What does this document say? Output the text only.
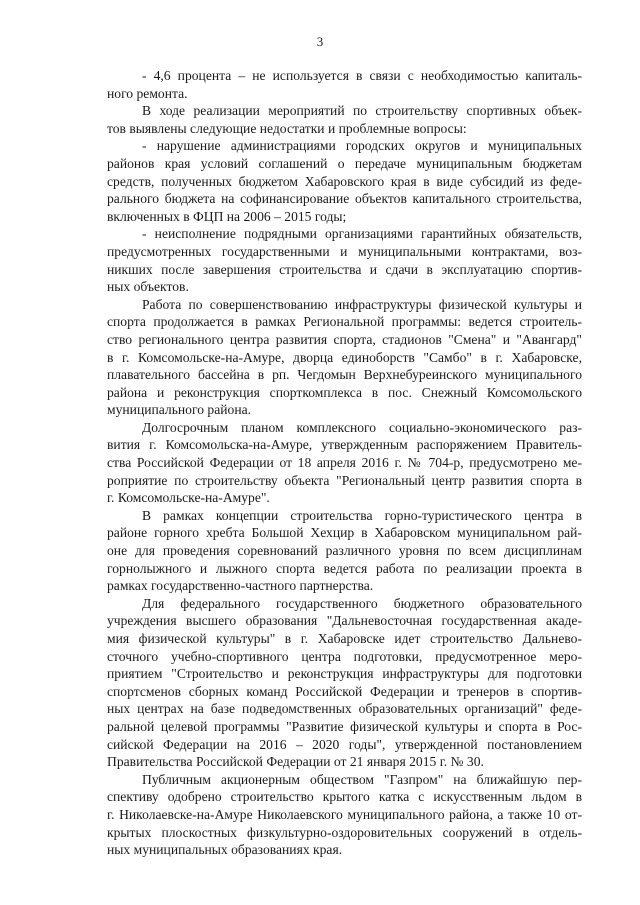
3
- 4,6 процента – не используется в связи с необходимостью капиталь-
ного ремонта.
В ходе реализации мероприятий по строительству спортивных объек-
тов выявлены следующие недостатки и проблемные вопросы:
- нарушение администрациями городских округов и муниципальных
районов края условий соглашений о передаче муниципальным бюджетам
средств, полученных бюджетом Хабаровского края в виде субсидий из феде-
рального бюджета на софинансирование объектов капитального строительства,
включенных в ФЦП на 2006 – 2015 годы;
- неисполнение подрядными организациями гарантийных обязательств,
предусмотренных государственными и муниципальными контрактами, воз-
никших после завершения строительства и сдачи в эксплуатацию спортив-
ных объектов.
Работа по совершенствованию инфраструктуры физической культуры и
спорта продолжается в рамках Региональной программы: ведется строитель-
ство регионального центра развития спорта, стадионов "Смена" и "Авангард"
в г. Комсомольске-на-Амуре, дворца единоборств "Самбо" в г. Хабаровске,
плавательного бассейна в рп. Чегдомын Верхнебуреинского муниципального
района и реконструкция спорткомплекса в пос. Снежный Комсомольского
муниципального района.
Долгосрочным планом комплексного социально-экономического раз-
вития г. Комсомольска-на-Амуре, утвержденным распоряжением Правитель-
ства Российской Федерации от 18 апреля 2016 г. № 704-р, предусмотрено ме-
роприятие по строительству объекта "Региональный центр развития спорта в
г. Комсомольске-на-Амуре".
В рамках концепции строительства горно-туристического центра в
районе горного хребта Большой Хехцир в Хабаровском муниципальном рай-
оне для проведения соревнований различного уровня по всем дисциплинам
горнолыжного и лыжного спорта ведется работа по реализации проекта в
рамках государственно-частного партнерства.
Для федерального государственного бюджетного образовательного
учреждения высшего образования "Дальневосточная государственная акаде-
мия физической культуры" в г. Хабаровске идет строительство Дальнево-
сточного учебно-спортивного центра подготовки, предусмотренное меро-
приятием "Строительство и реконструкция инфраструктуры для подготовки
спортсменов сборных команд Российской Федерации и тренеров в спортив-
ных центрах на базе подведомственных образовательных организаций" феде-
ральной целевой программы "Развитие физической культуры и спорта в Рос-
сийской Федерации на 2016 – 2020 годы", утвержденной постановлением
Правительства Российской Федерации от 21 января 2015 г. № 30.
Публичным акционерным обществом "Газпром" на ближайшую пер-
спективу одобрено строительство крытого катка с искусственным льдом в
г. Николаевске-на-Амуре Николаевского муниципального района, а также 10 от-
крытых плоскостных физкультурно-оздоровительных сооружений в отдель-
ных муниципальных образованиях края.
